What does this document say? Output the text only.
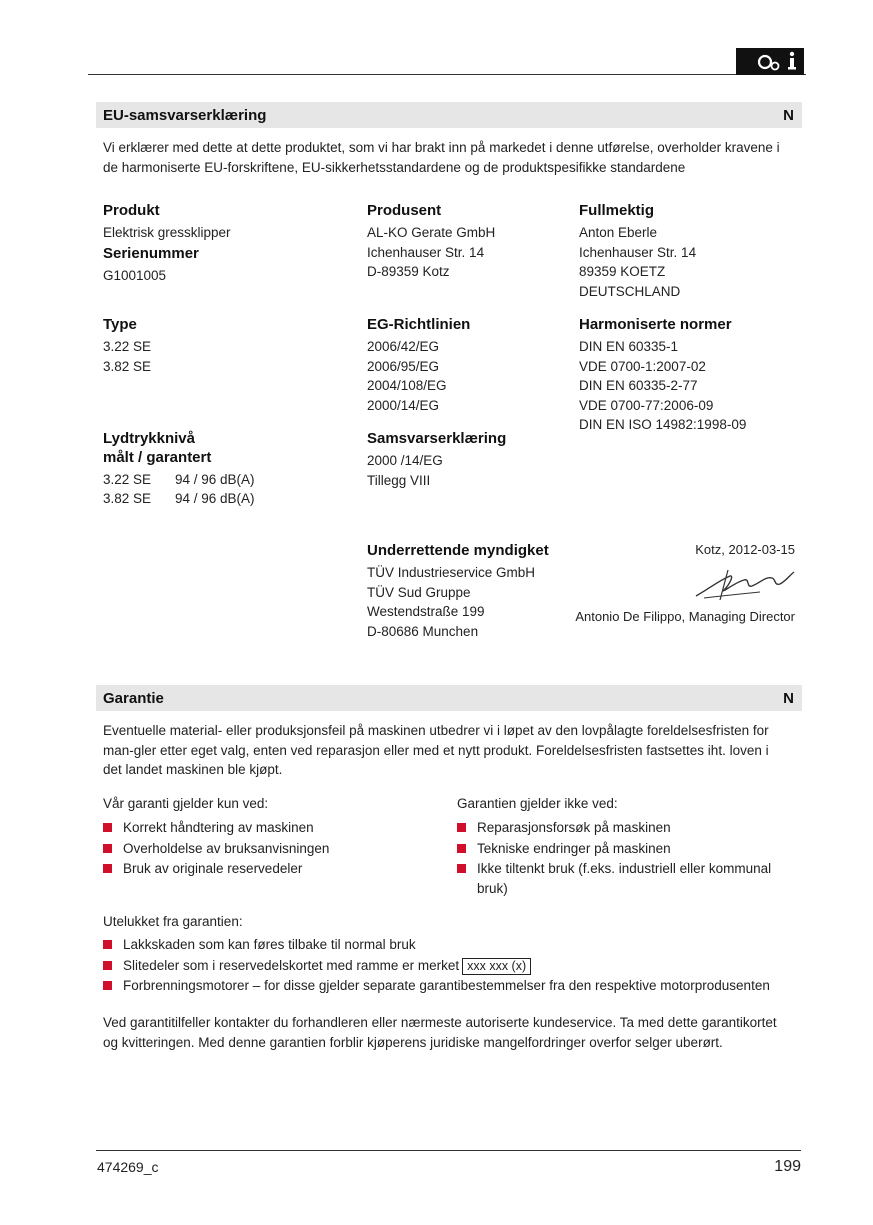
EU-samsvarserklæring	N
Vi erklærer med dette at dette produktet, som vi har brakt inn på markedet i denne utførelse, overholder kravene i de harmoniserte EU-forskriftene, EU-sikkerhetsstandardene og de produktspesifikke standardene
Produkt
Elektrisk gressklipper
Serienummer
G1001005
Produsent
AL-KO Gerate GmbH
Ichenhauser Str. 14
D-89359 Kotz
Fullmektig
Anton Eberle
Ichenhauser Str. 14
89359 KOETZ
DEUTSCHLAND
Type
3.22 SE
3.82 SE
EG-Richtlinien
2006/42/EG
2006/95/EG
2004/108/EG
2000/14/EG
Harmoniserte normer
DIN EN 60335-1
VDE 0700-1:2007-02
DIN EN 60335-2-77
VDE 0700-77:2006-09
DIN EN ISO 14982:1998-09
Lydtrykknivå
målt / garantert
3.22 SE 94 / 96 dB(A)
3.82 SE 94 / 96 dB(A)
Samsvarserklæring
2000 /14/EG
Tillegg VIII
Underrettende myndigket
TÜV Industrieservice GmbH
TÜV Sud Gruppe
Westendstraße 199
D-80686 Munchen
Kotz, 2012-03-15
Antonio De Filippo, Managing Director
Garantie	N
Eventuelle material- eller produksjonsfeil på maskinen utbedrer vi i løpet av den lovpålagte foreldelsesfristen for man-gler etter eget valg, enten ved reparasjon eller med et nytt produkt. Foreldelsesfristen fastsettes iht. loven i det landet maskinen ble kjøpt.
Vår garanti gjelder kun ved:
Korrekt håndtering av maskinen
Overholdelse av bruksanvisningen
Bruk av originale reservedeler
Garantien gjelder ikke ved:
Reparasjonsforsøk på maskinen
Tekniske endringer på maskinen
Ikke tiltenkt bruk (f.eks. industriell eller kommunal bruk)
Utelukket fra garantien:
Lakkskaden som kan føres tilbake til normal bruk
Slitedeler som i reservedelskortet med ramme er merket xxx xxx (x)
Forbrenningsmotorer – for disse gjelder separate garantibestemmelser fra den respektive motorprodusenten
Ved garantitilfeller kontakter du forhandleren eller nærmeste autoriserte kundeservice. Ta med dette garantikortet og kvitteringen. Med denne garantien forblir kjøperens juridiske mangelfordringer overfor selger uberørt.
474269_c	199
